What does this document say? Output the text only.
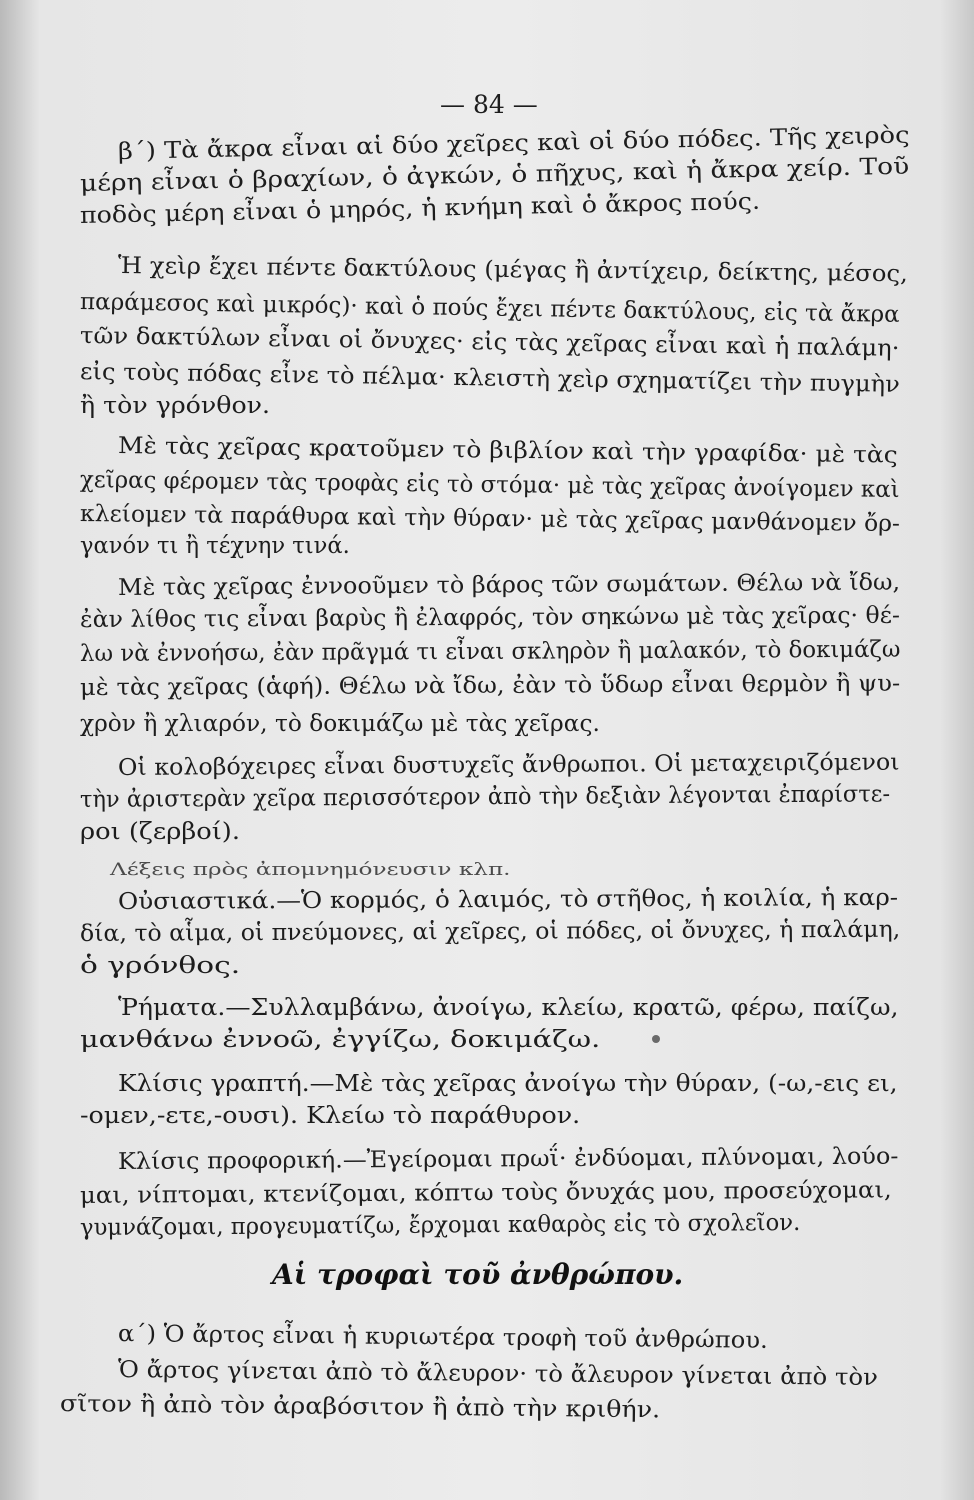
— 84 —
β΄) Τὰ ἄκρα εἶναι αἱ δύο χεῖρες καὶ οἱ δύο πόδες. Τῆς χειρὸς
μέρη εἶναι ὁ βραχίων, ὁ ἀγκών, ὁ πῆχυς, καὶ ἡ ἄκρα χείρ. Τοῦ
ποδὸς μέρη εἶναι ὁ μηρός, ἡ κνήμη καὶ ὁ ἄκρος πούς.
Ἡ χεὶρ ἔχει πέντε δακτύλους (μέγας ἢ ἀντίχειρ, δείκτης, μέσος,
παράμεσος καὶ μικρός)· καὶ ὁ πούς ἔχει πέντε δακτύλους, εἰς τὰ ἄκρα
τῶν δακτύλων εἶναι οἱ ὄνυχες· εἰς τὰς χεῖρας εἶναι καὶ ἡ παλάμη·
εἰς τοὺς πόδας εἶνε τὸ πέλμα· κλειστὴ χεὶρ σχηματίζει τὴν πυγμὴν
ἢ τὸν γρόνθον.
Μὲ τὰς χεῖρας κρατοῦμεν τὸ βιβλίον καὶ τὴν γραφίδα· μὲ τὰς
χεῖρας φέρομεν τὰς τροφὰς εἰς τὸ στόμα· μὲ τὰς χεῖρας ἀνοίγομεν καὶ
κλείομεν τὰ παράθυρα καὶ τὴν θύραν· μὲ τὰς χεῖρας μανθάνομεν ὄρ-
γανόν τι ἢ τέχνην τινά.
Μὲ τὰς χεῖρας ἐννοοῦμεν τὸ βάρος τῶν σωμάτων. Θέλω νὰ ἴδω,
ἐὰν λίθος τις εἶναι βαρὺς ἢ ἐλαφρός, τὸν σηκώνω μὲ τὰς χεῖρας· θέ-
λω νὰ ἐννοήσω, ἐὰν πρᾶγμά τι εἶναι σκληρὸν ἢ μαλακόν, τὸ δοκιμάζω
μὲ τὰς χεῖρας (ἁφή). Θέλω νὰ ἴδω, ἐὰν τὸ ὕδωρ εἶναι θερμὸν ἢ ψυ-
χρὸν ἢ χλιαρόν, τὸ δοκιμάζω μὲ τὰς χεῖρας.
Οἱ κολοβόχειρες εἶναι δυστυχεῖς ἄνθρωποι. Οἱ μεταχειριζόμενοι
τὴν ἀριστερὰν χεῖρα περισσότερον ἀπὸ τὴν δεξιὰν λέγονται ἐπαρίστε-
ροι (ζερβοί).
Λέξεις πρὸς ἀπομνημόνευσιν κλπ.
Οὐσιαστικά.—Ὁ κορμός, ὁ λαιμός, τὸ στῆθος, ἡ κοιλία, ἡ καρ-
δία, τὸ αἷμα, οἱ πνεύμονες, αἱ χεῖρες, οἱ πόδες, οἱ ὄνυχες, ἡ παλάμη,
ὁ γρόνθος.
Ῥήματα.—Συλλαμβάνω, ἀνοίγω, κλείω, κρατῶ, φέρω, παίζω,
μανθάνω ἐννοῶ, ἐγγίζω, δοκιμάζω.
Κλίσις γραπτή.—Μὲ τὰς χεῖρας ἀνοίγω τὴν θύραν, (-ω,-εις ει,
-ομεν,-ετε,-ουσι). Κλείω τὸ παράθυρον.
Κλίσις προφορική.—Ἐγείρομαι πρωΐ· ἐνδύομαι, πλύνομαι, λούο-
μαι, νίπτομαι, κτενίζομαι, κόπτω τοὺς ὄνυχάς μου, προσεύχομαι,
γυμνάζομαι, προγευματίζω, ἔρχομαι καθαρὸς εἰς τὸ σχολεῖον.
Αἱ τροφαὶ τοῦ ἀνθρώπου.
α΄) Ὁ ἄρτος εἶναι ἡ κυριωτέρα τροφὴ τοῦ ἀνθρώπου.
Ὁ ἄρτος γίνεται ἀπὸ τὸ ἄλευρον· τὸ ἄλευρον γίνεται ἀπὸ τὸν
σῖτον ἢ ἀπὸ τὸν ἀραβόσιτον ἢ ἀπὸ τὴν κριθήν.
